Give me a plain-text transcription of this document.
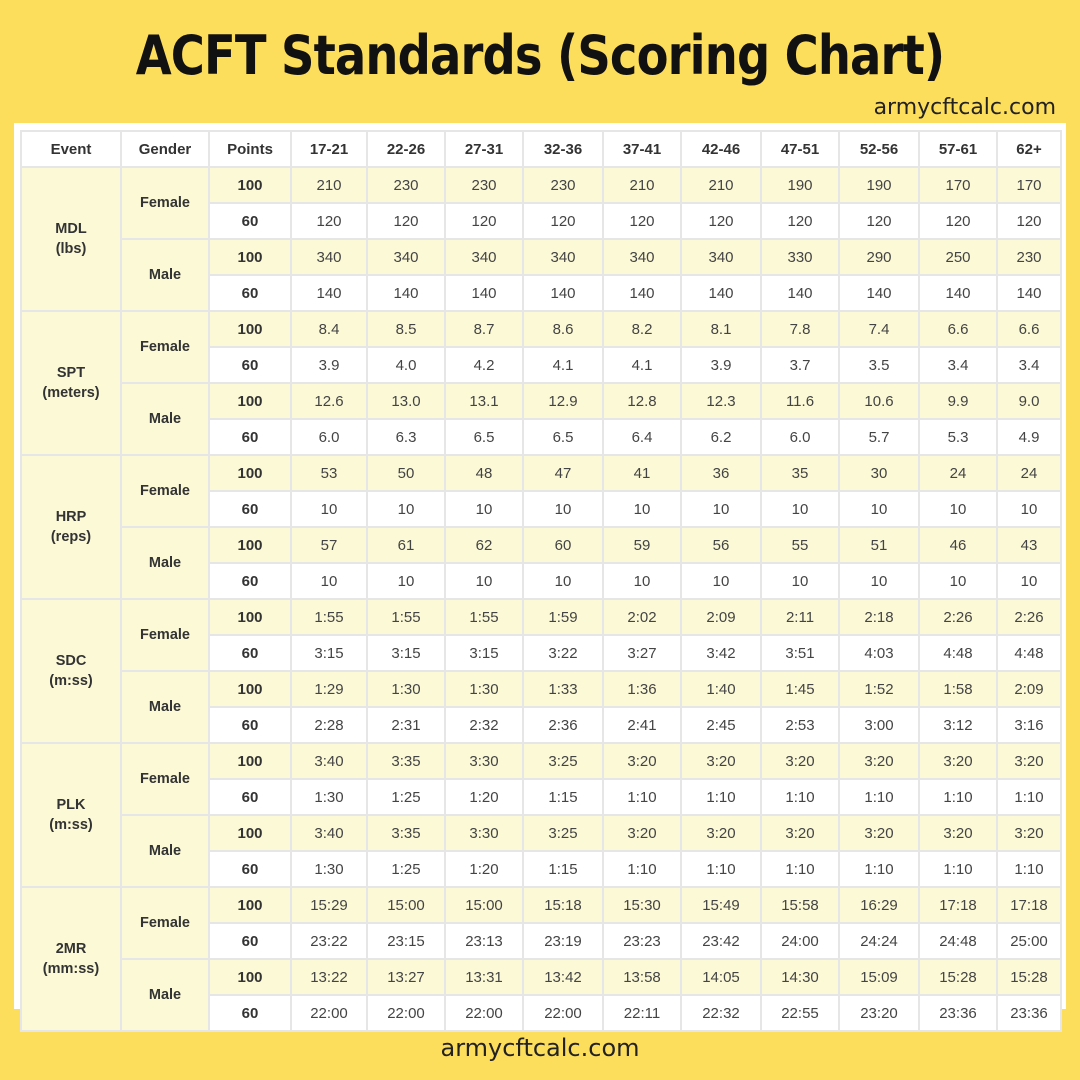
ACFT Standards (Scoring Chart)
armycftcalc.com
Event	Gender	Points	17-21	22-26	27-31	32-36	37-41	42-46	47-51	52-56	57-61	62+

MDL
(lbs)	Female	100	210	230	230	230	210	210	190	190	170	170
		60	120	120	120	120	120	120	120	120	120	120
	Male	100	340	340	340	340	340	340	330	290	250	230
		60	140	140	140	140	140	140	140	140	140	140

SPT
(meters)	Female	100	8.4	8.5	8.7	8.6	8.2	8.1	7.8	7.4	6.6	6.6
		60	3.9	4.0	4.2	4.1	4.1	3.9	3.7	3.5	3.4	3.4
	Male	100	12.6	13.0	13.1	12.9	12.8	12.3	11.6	10.6	9.9	9.0
		60	6.0	6.3	6.5	6.5	6.4	6.2	6.0	5.7	5.3	4.9

HRP
(reps)	Female	100	53	50	48	47	41	36	35	30	24	24
		60	10	10	10	10	10	10	10	10	10	10
	Male	100	57	61	62	60	59	56	55	51	46	43
		60	10	10	10	10	10	10	10	10	10	10

SDC
(m:ss)	Female	100	1:55	1:55	1:55	1:59	2:02	2:09	2:11	2:18	2:26	2:26
		60	3:15	3:15	3:15	3:22	3:27	3:42	3:51	4:03	4:48	4:48
	Male	100	1:29	1:30	1:30	1:33	1:36	1:40	1:45	1:52	1:58	2:09
		60	2:28	2:31	2:32	2:36	2:41	2:45	2:53	3:00	3:12	3:16

PLK
(m:ss)	Female	100	3:40	3:35	3:30	3:25	3:20	3:20	3:20	3:20	3:20	3:20
		60	1:30	1:25	1:20	1:15	1:10	1:10	1:10	1:10	1:10	1:10
	Male	100	3:40	3:35	3:30	3:25	3:20	3:20	3:20	3:20	3:20	3:20
		60	1:30	1:25	1:20	1:15	1:10	1:10	1:10	1:10	1:10	1:10

2MR
(mm:ss)	Female	100	15:29	15:00	15:00	15:18	15:30	15:49	15:58	16:29	17:18	17:18
		60	23:22	23:15	23:13	23:19	23:23	23:42	24:00	24:24	24:48	25:00
	Male	100	13:22	13:27	13:31	13:42	13:58	14:05	14:30	15:09	15:28	15:28
		60	22:00	22:00	22:00	22:00	22:11	22:32	22:55	23:20	23:36	23:36
armycftcalc.com
